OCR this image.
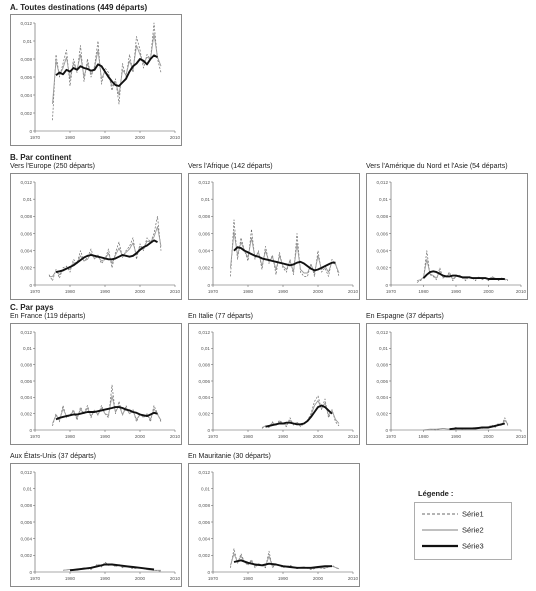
A. Toutes destinations (449 départs)
B. Par continent
C. Par pays
Vers l'Europe (250 départs)	Vers l'Afrique (142 départs)	Vers l'Amérique du Nord et l'Asie (54 départs)
En France (119 départs)	En Italie (77 départs)	En Espagne (37 départs)
Aux États-Unis (37 départs)	En Mauritanie (30 départs)
0
0,002
0,004
0,006
0,008
0,01
0,012
1970	1980	1990	2000	2010
0
0,002
0,004
0,006
0,008
0,01
0,012
1970	1980	1990	2000	2010
0
0,002
0,004
0,006
0,008
0,01
0,012
1970	1980	1990	2000	2010
0
0,002
0,004
0,006
0,008
0,01
0,012
1970	1980	1990	2000	2010
0
0,002
0,004
0,006
0,008
0,01
0,012
1970	1980	1990	2000	2010
0
0,002
0,004
0,006
0,008
0,01
0,012
1970	1980	1990	2000	2010
0
0,002
0,004
0,006
0,008
0,01
0,012
1970	1980	1990	2000	2010
0
0,002
0,004
0,006
0,008
0,01
0,012
1970	1980	1990	2000	2010
0
0,002
0,004
0,006
0,008
0,01
0,012
1970	1980	1990	2000	2010
Légende :
Série1
Série2
Série3
